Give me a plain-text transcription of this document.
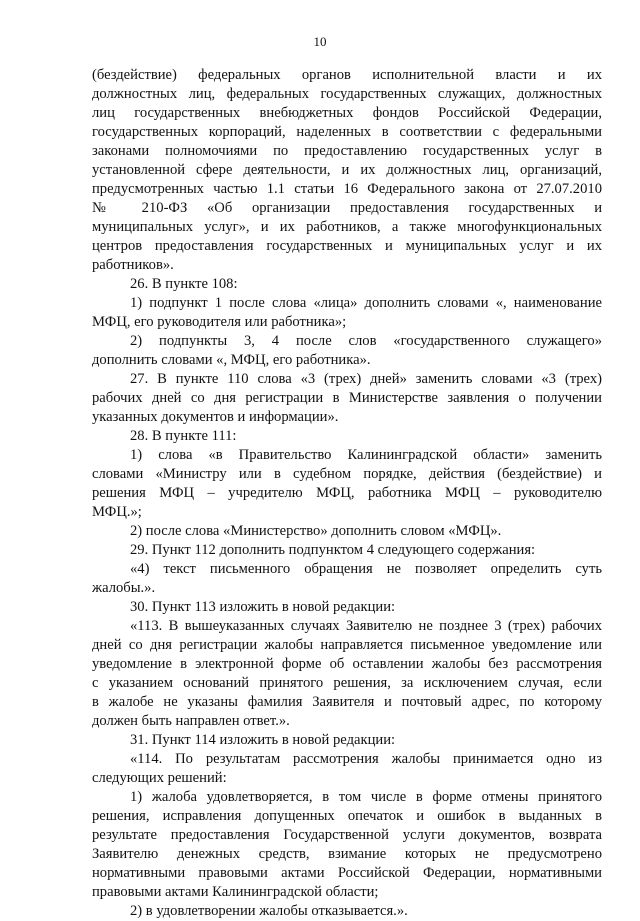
10
(бездействие) федеральных органов исполнительной власти и их
должностных лиц, федеральных государственных служащих, должностных
лиц государственных внебюджетных фондов Российской Федерации,
государственных корпораций, наделенных в соответствии с федеральными
законами полномочиями по предоставлению государственных услуг в
установленной сфере деятельности, и их должностных лиц, организаций,
предусмотренных частью 1.1 статьи 16 Федерального закона от 27.07.2010
№ 210-ФЗ «Об организации предоставления государственных и
муниципальных услуг», и их работников, а также многофункциональных
центров предоставления государственных и муниципальных услуг и их
работников».
26. В пункте 108:
1) подпункт 1 после слова «лица» дополнить словами «, наименование
МФЦ, его руководителя или работника»;
2) подпункты 3, 4 после слов «государственного служащего»
дополнить словами «, МФЦ, его работника».
27. В пункте 110 слова «3 (трех) дней» заменить словами «3 (трех)
рабочих дней со дня регистрации в Министерстве заявления о получении
указанных документов и информации».
28. В пункте 111:
1) слова «в Правительство Калининградской области» заменить
словами «Министру или в судебном порядке, действия (бездействие) и
решения МФЦ – учредителю МФЦ, работника МФЦ – руководителю
МФЦ.»;
2) после слова «Министерство» дополнить словом «МФЦ».
29. Пункт 112 дополнить подпунктом 4 следующего содержания:
«4) текст письменного обращения не позволяет определить суть
жалобы.».
30. Пункт 113 изложить в новой редакции:
«113. В вышеуказанных случаях Заявителю не позднее 3 (трех) рабочих
дней со дня регистрации жалобы направляется письменное уведомление или
уведомление в электронной форме об оставлении жалобы без рассмотрения
с указанием оснований принятого решения, за исключением случая, если
в жалобе не указаны фамилия Заявителя и почтовый адрес, по которому
должен быть направлен ответ.».
31. Пункт 114 изложить в новой редакции:
«114. По результатам рассмотрения жалобы принимается одно из
следующих решений:
1) жалоба удовлетворяется, в том числе в форме отмены принятого
решения, исправления допущенных опечаток и ошибок в выданных в
результате предоставления Государственной услуги документов, возврата
Заявителю денежных средств, взимание которых не предусмотрено
нормативными правовыми актами Российской Федерации, нормативными
правовыми актами Калининградской области;
2) в удовлетворении жалобы отказывается.».
